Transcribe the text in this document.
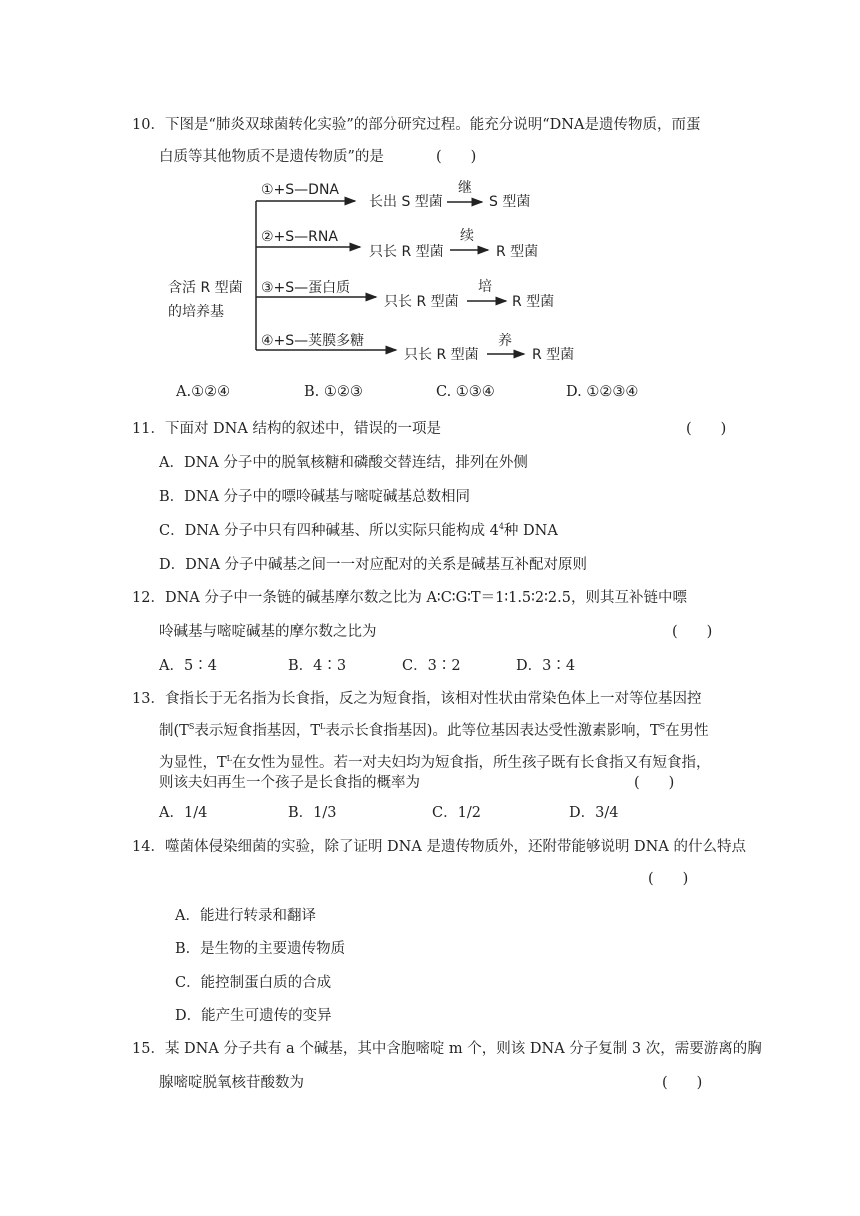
10．下图是“肺炎双球菌转化实验”的部分研究过程。能充分说明“DNA是遗传物质，而蛋
白质等其他物质不是遗传物质”的是	(　　)
含活 R 型菌
的培养基
①+S—DNA
长出 S 型菌
继
S 型菌
②+S—RNA
只长 R 型菌
续
R 型菌
③+S—蛋白质
只长 R 型菌
培
R 型菌
④+S—荚膜多糖
只长 R 型菌
养
R 型菌
A.①②④	B. ①②③	C. ①③④	D. ①②③④
11．下面对 DNA 结构的叙述中，错误的一项是	(　　)
A．DNA 分子中的脱氧核糖和磷酸交替连结，排列在外侧
B．DNA 分子中的嘌呤碱基与嘧啶碱基总数相同
C．DNA 分子中只有四种碱基、所以实际只能构成 $4^4$种 DNA
D．DNA 分子中碱基之间一一对应配对的关系是碱基互补配对原则
12．DNA 分子中一条链的碱基摩尔数之比为 A∶C∶G∶T＝1∶1.5∶2∶2.5，则其互补链中嘌
呤碱基与嘧啶碱基的摩尔数之比为	(　　)
A．5∶4	B．4∶3	C．3∶2	D．3∶4
13．食指长于无名指为长食指，反之为短食指，该相对性状由常染色体上一对等位基因控
制($T^S$表示短食指基因，$T^L$表示长食指基因)。此等位基因表达受性激素影响，$T^S$在男性
为显性，$T^L$在女性为显性。若一对夫妇均为短食指，所生孩子既有长食指又有短食指，
则该夫妇再生一个孩子是长食指的概率为	(　　)
A．1/4	B．1/3	C．1/2	D．3/4
14．噬菌体侵染细菌的实验，除了证明 DNA 是遗传物质外，还附带能够说明 DNA 的什么特点
(　　)
A．能进行转录和翻译
B．是生物的主要遗传物质
C．能控制蛋白质的合成
D．能产生可遗传的变异
15．某 DNA 分子共有 a 个碱基，其中含胞嘧啶 m 个，则该 DNA 分子复制 3 次，需要游离的胸
腺嘧啶脱氧核苷酸数为	(　　)
